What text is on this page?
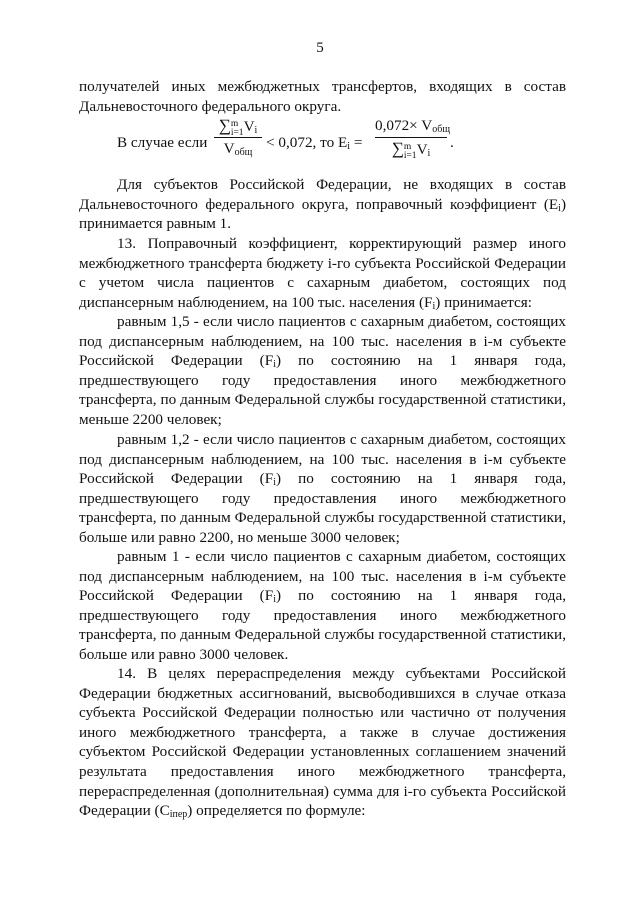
5
получателей иных межбюджетных трансфертов, входящих в состав
Дальневосточного федерального округа.
В случае если
∑ m
i=1 $V_i$
$V_{общ}$
< 0,072, то $E_i$ =
$0,072\times V_{общ}$
∑ m
i=1 $V_i$
.
Для субъектов Российской Федерации, не входящих в состав
Дальневосточного федерального округа, поправочный коэффициент $(E_i)$
принимается равным 1.
13. Поправочный коэффициент, корректирующий размер иного
межбюджетного трансферта бюджету i-го субъекта Российской Федерации
с учетом числа пациентов с сахарным диабетом, состоящих под
диспансерным наблюдением, на 100 тыс. населения $(F_i)$ принимается:
равным 1,5 - если число пациентов с сахарным диабетом, состоящих
под диспансерным наблюдением, на 100 тыс. населения в i-м субъекте
Российской Федерации $(F_i)$ по состоянию на 1 января года,
предшествующего году предоставления иного межбюджетного
трансферта, по данным Федеральной службы государственной статистики,
меньше 2200 человек;
равным 1,2 - если число пациентов с сахарным диабетом, состоящих
под диспансерным наблюдением, на 100 тыс. населения в i-м субъекте
Российской Федерации $(F_i)$ по состоянию на 1 января года,
предшествующего году предоставления иного межбюджетного
трансферта, по данным Федеральной службы государственной статистики,
больше или равно 2200, но меньше 3000 человек;
равным 1 - если число пациентов с сахарным диабетом, состоящих
под диспансерным наблюдением, на 100 тыс. населения в i-м субъекте
Российской Федерации $(F_i)$ по состоянию на 1 января года,
предшествующего году предоставления иного межбюджетного
трансферта, по данным Федеральной службы государственной статистики,
больше или равно 3000 человек.
14. В целях перераспределения между субъектами Российской
Федерации бюджетных ассигнований, высвободившихся в случае отказа
субъекта Российской Федерации полностью или частично от получения
иного межбюджетного трансферта, а также в случае достижения
субъектом Российской Федерации установленных соглашением значений
результата предоставления иного межбюджетного трансферта,
перераспределенная (дополнительная) сумма для i-го субъекта Российской
Федерации $(C_{iпер})$ определяется по формуле:
